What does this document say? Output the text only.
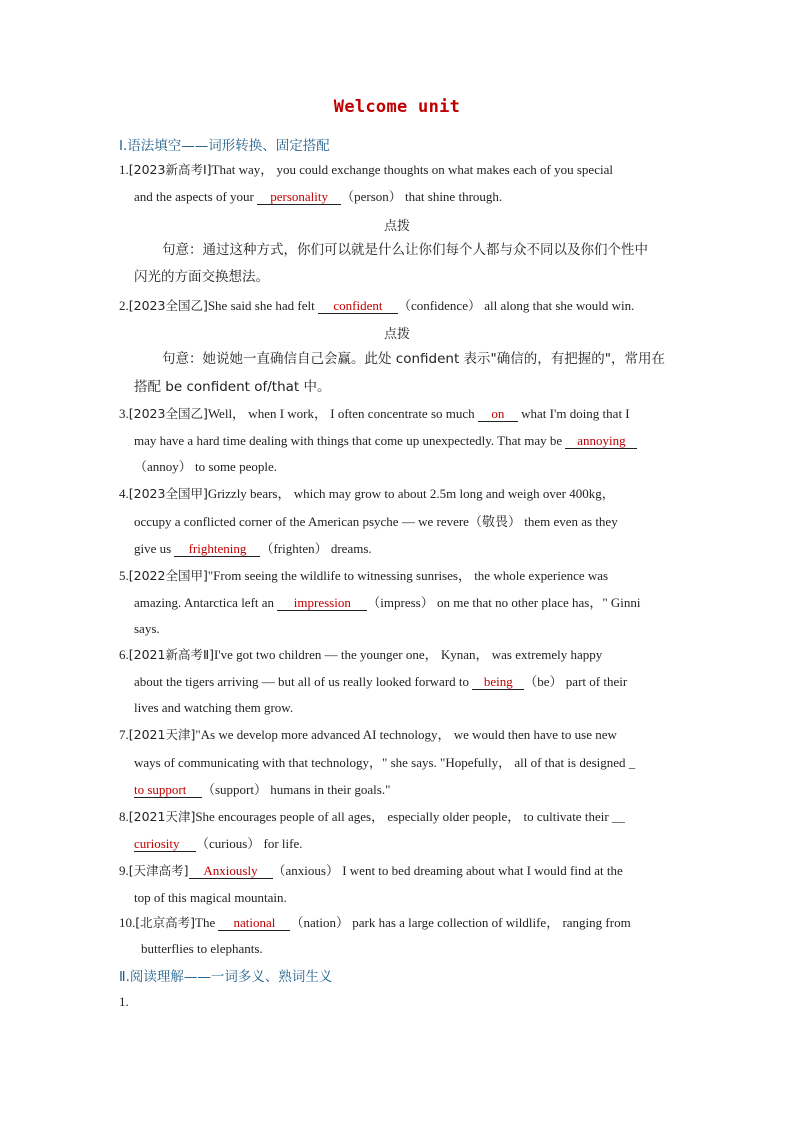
Welcome unit
Ⅰ.语法填空——词形转换、固定搭配
1.[2023新高考Ⅰ]That way， you could exchange thoughts on what makes each of you special
and the aspects of your personality （person） that shine through.
点拨
句意：通过这种方式，你们可以就是什么让你们每个人都与众不同以及你们个性中
闪光的方面交换想法。
2.[2023全国乙]She said she had felt confident （confidence） all along that she would win.
点拨
句意：她说她一直确信自己会赢。此处 confident 表示"确信的，有把握的"，常用在
搭配 be confident of/that 中。
3.[2023全国乙]Well， when I work， I often concentrate so much on what I'm doing that I
may have a hard time dealing with things that come up unexpectedly. That may be annoying
（annoy） to some people.
4.[2023全国甲]Grizzly bears， which may grow to about 2.5m long and weigh over 400kg，
occupy a conflicted corner of the American psyche — we revere（敬畏） them even as they
give us frightening （frighten） dreams.
5.[2022全国甲]"From seeing the wildlife to witnessing sunrises， the whole experience was
amazing. Antarctica left an impression （impress） on me that no other place has，" Ginni
says.
6.[2021新高考Ⅱ]I've got two children — the younger one， Kynan， was extremely happy
about the tigers arriving — but all of us really looked forward to being （be） part of their
lives and watching them grow.
7.[2021天津]"As we develop more advanced AI technology， we would then have to use new
ways of communicating with that technology，" she says. "Hopefully， all of that is designed _
to support （support） humans in their goals."
8.[2021天津]She encourages people of all ages， especially older people， to cultivate their __
curiosity （curious） for life.
9.[天津高考] Anxiously （anxious） I went to bed dreaming about what I would find at the
top of this magical mountain.
10.[北京高考]The national （nation） park has a large collection of wildlife， ranging from
butterflies to elephants.
Ⅱ.阅读理解——一词多义、熟词生义
1.
